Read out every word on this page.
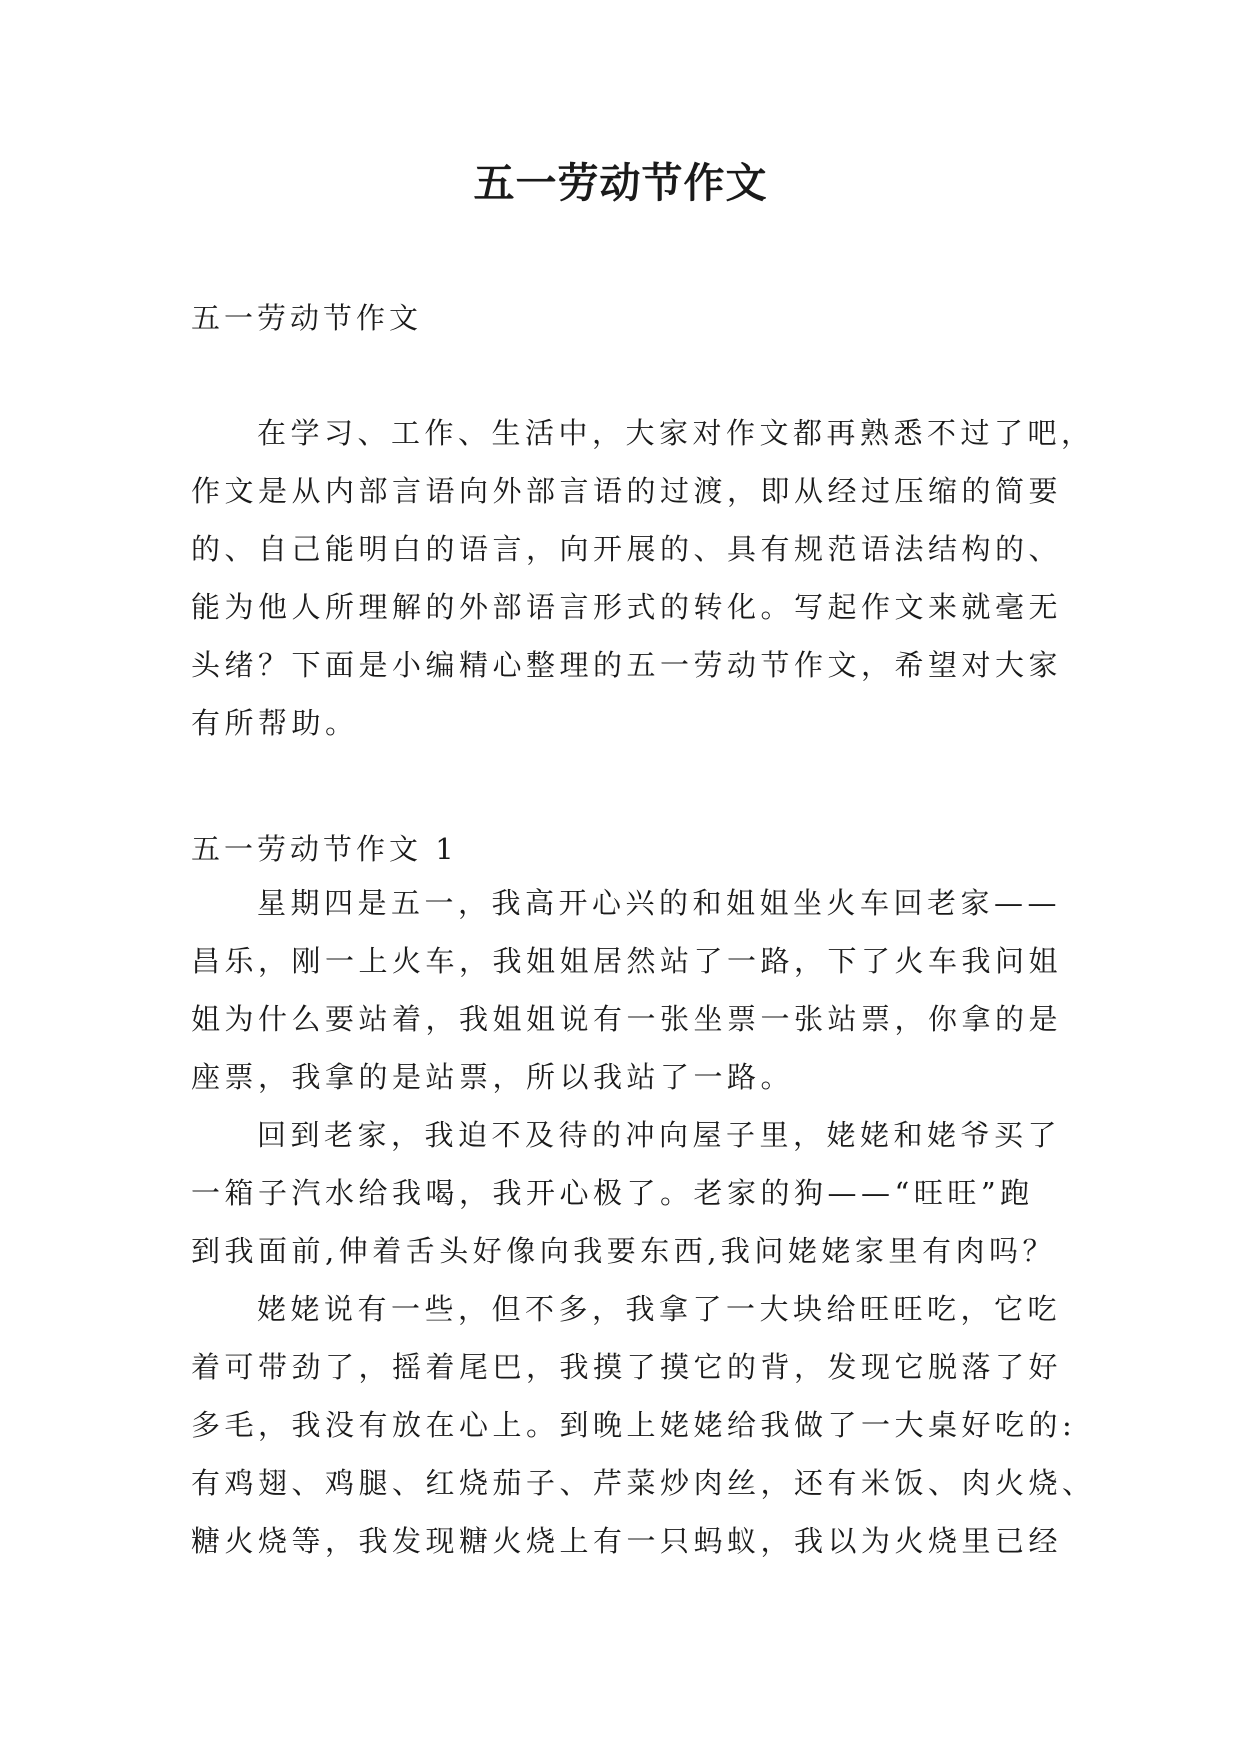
五一劳动节作文

五一劳动节作文

在学习、工作、生活中，大家对作文都再熟悉不过了吧，
作文是从内部言语向外部言语的过渡，即从经过压缩的简要
的、自己能明白的语言，向开展的、具有规范语法结构的、
能为他人所理解的外部语言形式的转化。写起作文来就毫无
头绪？下面是小编精心整理的五一劳动节作文，希望对大家
有所帮助。

五一劳动节作文 1

星期四是五一，我高开心兴的和姐姐坐火车回老家——
昌乐，刚一上火车，我姐姐居然站了一路，下了火车我问姐
姐为什么要站着，我姐姐说有一张坐票一张站票，你拿的是
座票，我拿的是站票，所以我站了一路。
回到老家，我迫不及待的冲向屋子里，姥姥和姥爷买了
一箱子汽水给我喝，我开心极了。老家的狗——“旺旺”跑
到我面前,伸着舌头好像向我要东西,我问姥姥家里有肉吗？
姥姥说有一些，但不多，我拿了一大块给旺旺吃，它吃
着可带劲了，摇着尾巴，我摸了摸它的背，发现它脱落了好
多毛，我没有放在心上。到晚上姥姥给我做了一大桌好吃的:
有鸡翅、鸡腿、红烧茄子、芹菜炒肉丝，还有米饭、肉火烧、
糖火烧等，我发现糖火烧上有一只蚂蚁，我以为火烧里已经
